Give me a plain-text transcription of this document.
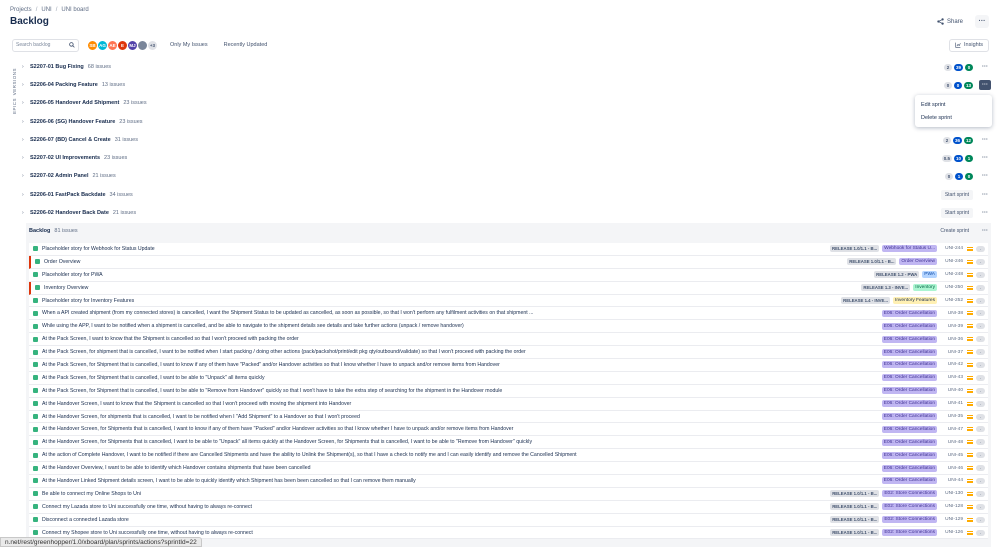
Projects / UNI / UNI board
Backlog	Share	···
Search backlog	SB AG AE	E	MJ	+3	Only My Issues	Recently Updated	Insights
VERSIONS
EPICS
›	S2207-01 Bug Fixing 68 issues	2	39	0	···
›	S2206-04 Packing Feature 13 issues	0	0	13	···
›	S2206-05 Handover Add Shipment 23 issues
›	S2206-06 (SG) Handover Feature 23 issues
›	S2206-07 (BD) Cancel & Create 31 issues	2	36	12	···
›	S2207-02 UI Improvements 23 issues	0.5	10	1	···
›	S2207-02 Admin Panel 21 issues	0	1	0	···
›	S2206-01 FastPack Backdate 34 issues	Start sprint	···
›	S2206-02 Handover Back Date 21 issues	Start sprint	···
Edit sprint
Delete sprint
Backlog 81 issues	Create sprint	···
Placeholder story for Webhook for Status Update	RELEASE 1.0/1.1 - B...	Webhook for Status U...	UNI-244	-
Order Overview	RELEASE 1.0/1.1 - B...	Order Overview	UNI-246	-
Placeholder story for PWA	RELEASE 1.2 - PWA	PWA	UNI-248	-
Inventory Overview	RELEASE 1.3 - INVE...	Inventory	UNI-250	-
Placeholder story for Inventory Features	RELEASE 1.4 - INVE...	Inventory Features	UNI-252	-
When a API created shipment (from my connected stores) is cancelled, I want the Shipment Status to be updated as cancelled, as soon as possible, so that I won't perform any fulfilment activities on that shipment ...	E06: Order Cancellation	UNI-38	-
While using the APP, I want to be notified when a shipment is cancelled, and be able to navigate to the shipment details see details and take further actions (unpack / remove handover)	E06: Order Cancellation	UNI-39	-
At the Pack Screen, I want to know that the Shipment is cancelled so that I won't proceed with packing the order	E06: Order Cancellation	UNI-36	-
At the Pack Screen, for shipment that is cancelled, I want to be notified when I start packing / doing other actions (pack/packshot/print/edit pkg qty/outbound/validate) so that I won't proceed with packing the order	E06: Order Cancellation	UNI-37	-
At the Pack Screen, for Shipment that is cancelled, I want to know if any of them have "Packed" and/or Handover activities so that I know whether I have to unpack and/or remove items from Handover	E06: Order Cancellation	UNI-42	-
At the Pack Screen, for Shipment that is cancelled, I want to be able to "Unpack" all items quickly	E06: Order Cancellation	UNI-43	-
At the Pack Screen, for Shipment that is cancelled, I want to be able to "Remove from Handover" quickly so that I won't have to take the extra step of searching for the shipment in the Handover module	E06: Order Cancellation	UNI-40	-
At the Handover Screen, I want to know that the Shipment is cancelled so that I won't proceed with moving the shipment into Handover	E06: Order Cancellation	UNI-41	-
At the Handover Screen, for shipments that is cancelled, I want to be notified when I "Add Shipment" to a Handover so that I won't proceed	E06: Order Cancellation	UNI-35	-
At the Handover Screen, for Shipments that is cancelled, I want to know if any of them have "Packed" and/or Handover activities so that I know whether I have to unpack and/or remove items from Handover	E06: Order Cancellation	UNI-47	-
At the Handover Screen, for Shipments that is cancelled, I want to be able to "Unpack" all items quickly at the Handover Screen, for Shipments that is cancelled, I want to be able to "Remove from Handover" quickly	E06: Order Cancellation	UNI-48	-
At the action of Complete Handover, I want to be notified if there are Cancelled Shipments and have the ability to Unlink the Shipment(s), so that I have a check to notify me and I can easily identify and remove the Cancelled Shipment	E06: Order Cancellation	UNI-45	-
At the Handover Overview, I want to be able to identify which Handover contains shipments that have been cancelled	E06: Order Cancellation	UNI-46	-
At the Handover Linked Shipment details screen, I want to be able to quickly identify which Shipment has been been cancelled so that I can remove them manually	E06: Order Cancellation	UNI-44	-
Be able to connect my Online Shops to Uni	RELEASE 1.0/1.1 - B...	E02: Store Connections	UNI-130	-
Connect my Lazada store to Uni successfully one time, without having to always re-connect	RELEASE 1.0/1.1 - B...	E02: Store Connections	UNI-128	-
Disconnect a connected Lazada store	RELEASE 1.0/1.1 - B...	E02: Store Connections	UNI-129	-
Connect my Shopee store to Uni successfully one time, without having to always re-connect	RELEASE 1.0/1.1 - B...	E02: Store Connections	UNI-126	-
n.net/rest/greenhopper/1.0/xboard/plan/sprints/actions?sprintId=22
